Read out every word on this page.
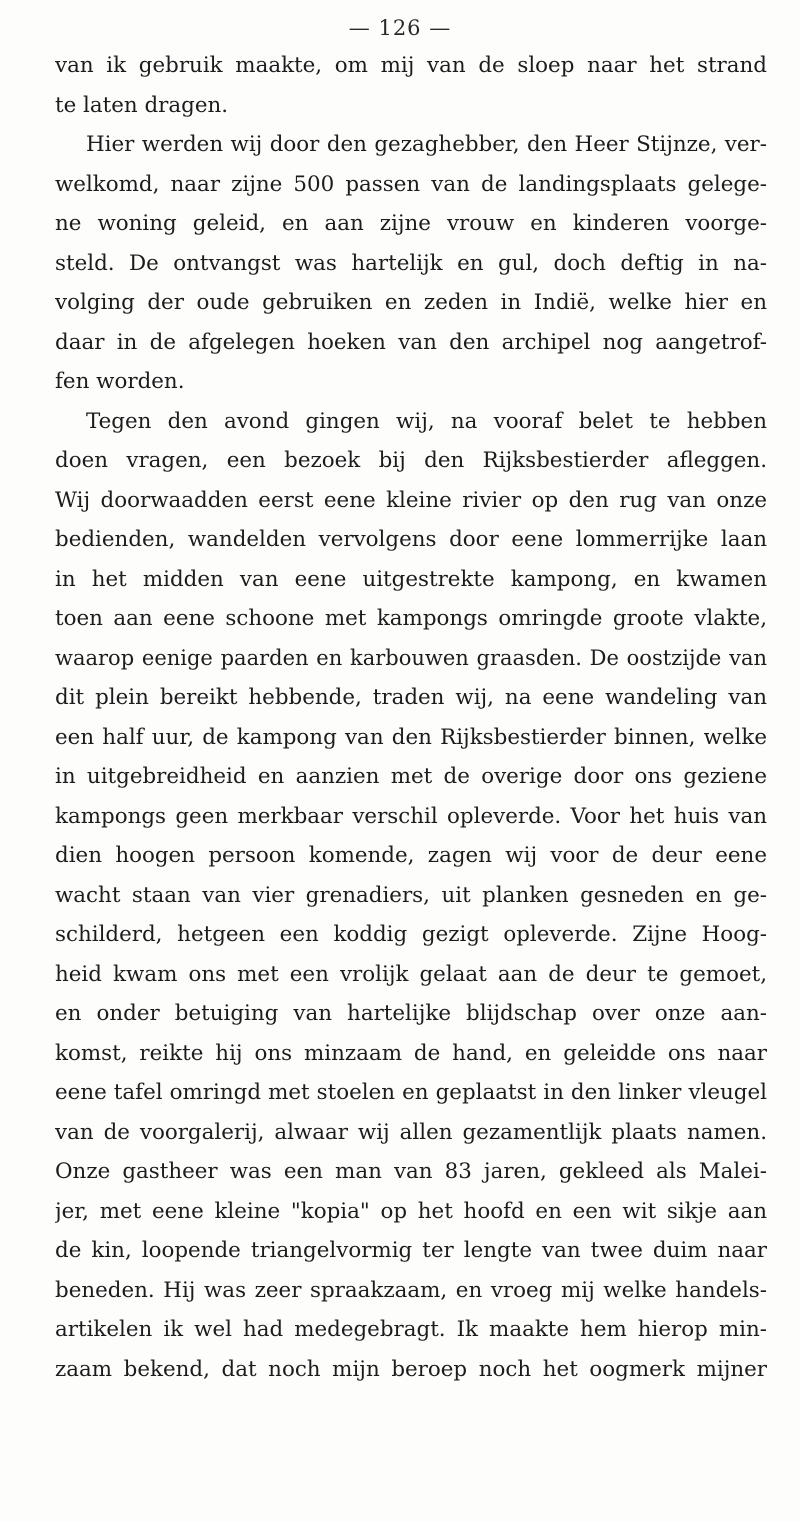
— 126 —
van ik gebruik maakte, om mij van de sloep naar het strand
te laten dragen.
Hier werden wij door den gezaghebber, den Heer Stijnze, ver-
welkomd, naar zijne 500 passen van de landingsplaats gelege-
ne woning geleid, en aan zijne vrouw en kinderen voorge-
steld. De ontvangst was hartelijk en gul, doch deftig in na-
volging der oude gebruiken en zeden in Indië, welke hier en
daar in de afgelegen hoeken van den archipel nog aangetrof-
fen worden.
Tegen den avond gingen wij, na vooraf belet te hebben
doen vragen, een bezoek bij den Rijksbestierder afleggen.
Wij doorwaadden eerst eene kleine rivier op den rug van onze
bedienden, wandelden vervolgens door eene lommerrijke laan
in het midden van eene uitgestrekte kampong, en kwamen
toen aan eene schoone met kampongs omringde groote vlakte,
waarop eenige paarden en karbouwen graasden. De oostzijde van
dit plein bereikt hebbende, traden wij, na eene wandeling van
een half uur, de kampong van den Rijksbestierder binnen, welke
in uitgebreidheid en aanzien met de overige door ons geziene
kampongs geen merkbaar verschil opleverde. Voor het huis van
dien hoogen persoon komende, zagen wij voor de deur eene
wacht staan van vier grenadiers, uit planken gesneden en ge-
schilderd, hetgeen een koddig gezigt opleverde. Zijne Hoog-
heid kwam ons met een vrolijk gelaat aan de deur te gemoet,
en onder betuiging van hartelijke blijdschap over onze aan-
komst, reikte hij ons minzaam de hand, en geleidde ons naar
eene tafel omringd met stoelen en geplaatst in den linker vleugel
van de voorgalerij, alwaar wij allen gezamentlijk plaats namen.
Onze gastheer was een man van 83 jaren, gekleed als Malei-
jer, met eene kleine "kopia" op het hoofd en een wit sikje aan
de kin, loopende triangelvormig ter lengte van twee duim naar
beneden. Hij was zeer spraakzaam, en vroeg mij welke handels-
artikelen ik wel had medegebragt. Ik maakte hem hierop min-
zaam bekend, dat noch mijn beroep noch het oogmerk mijner
